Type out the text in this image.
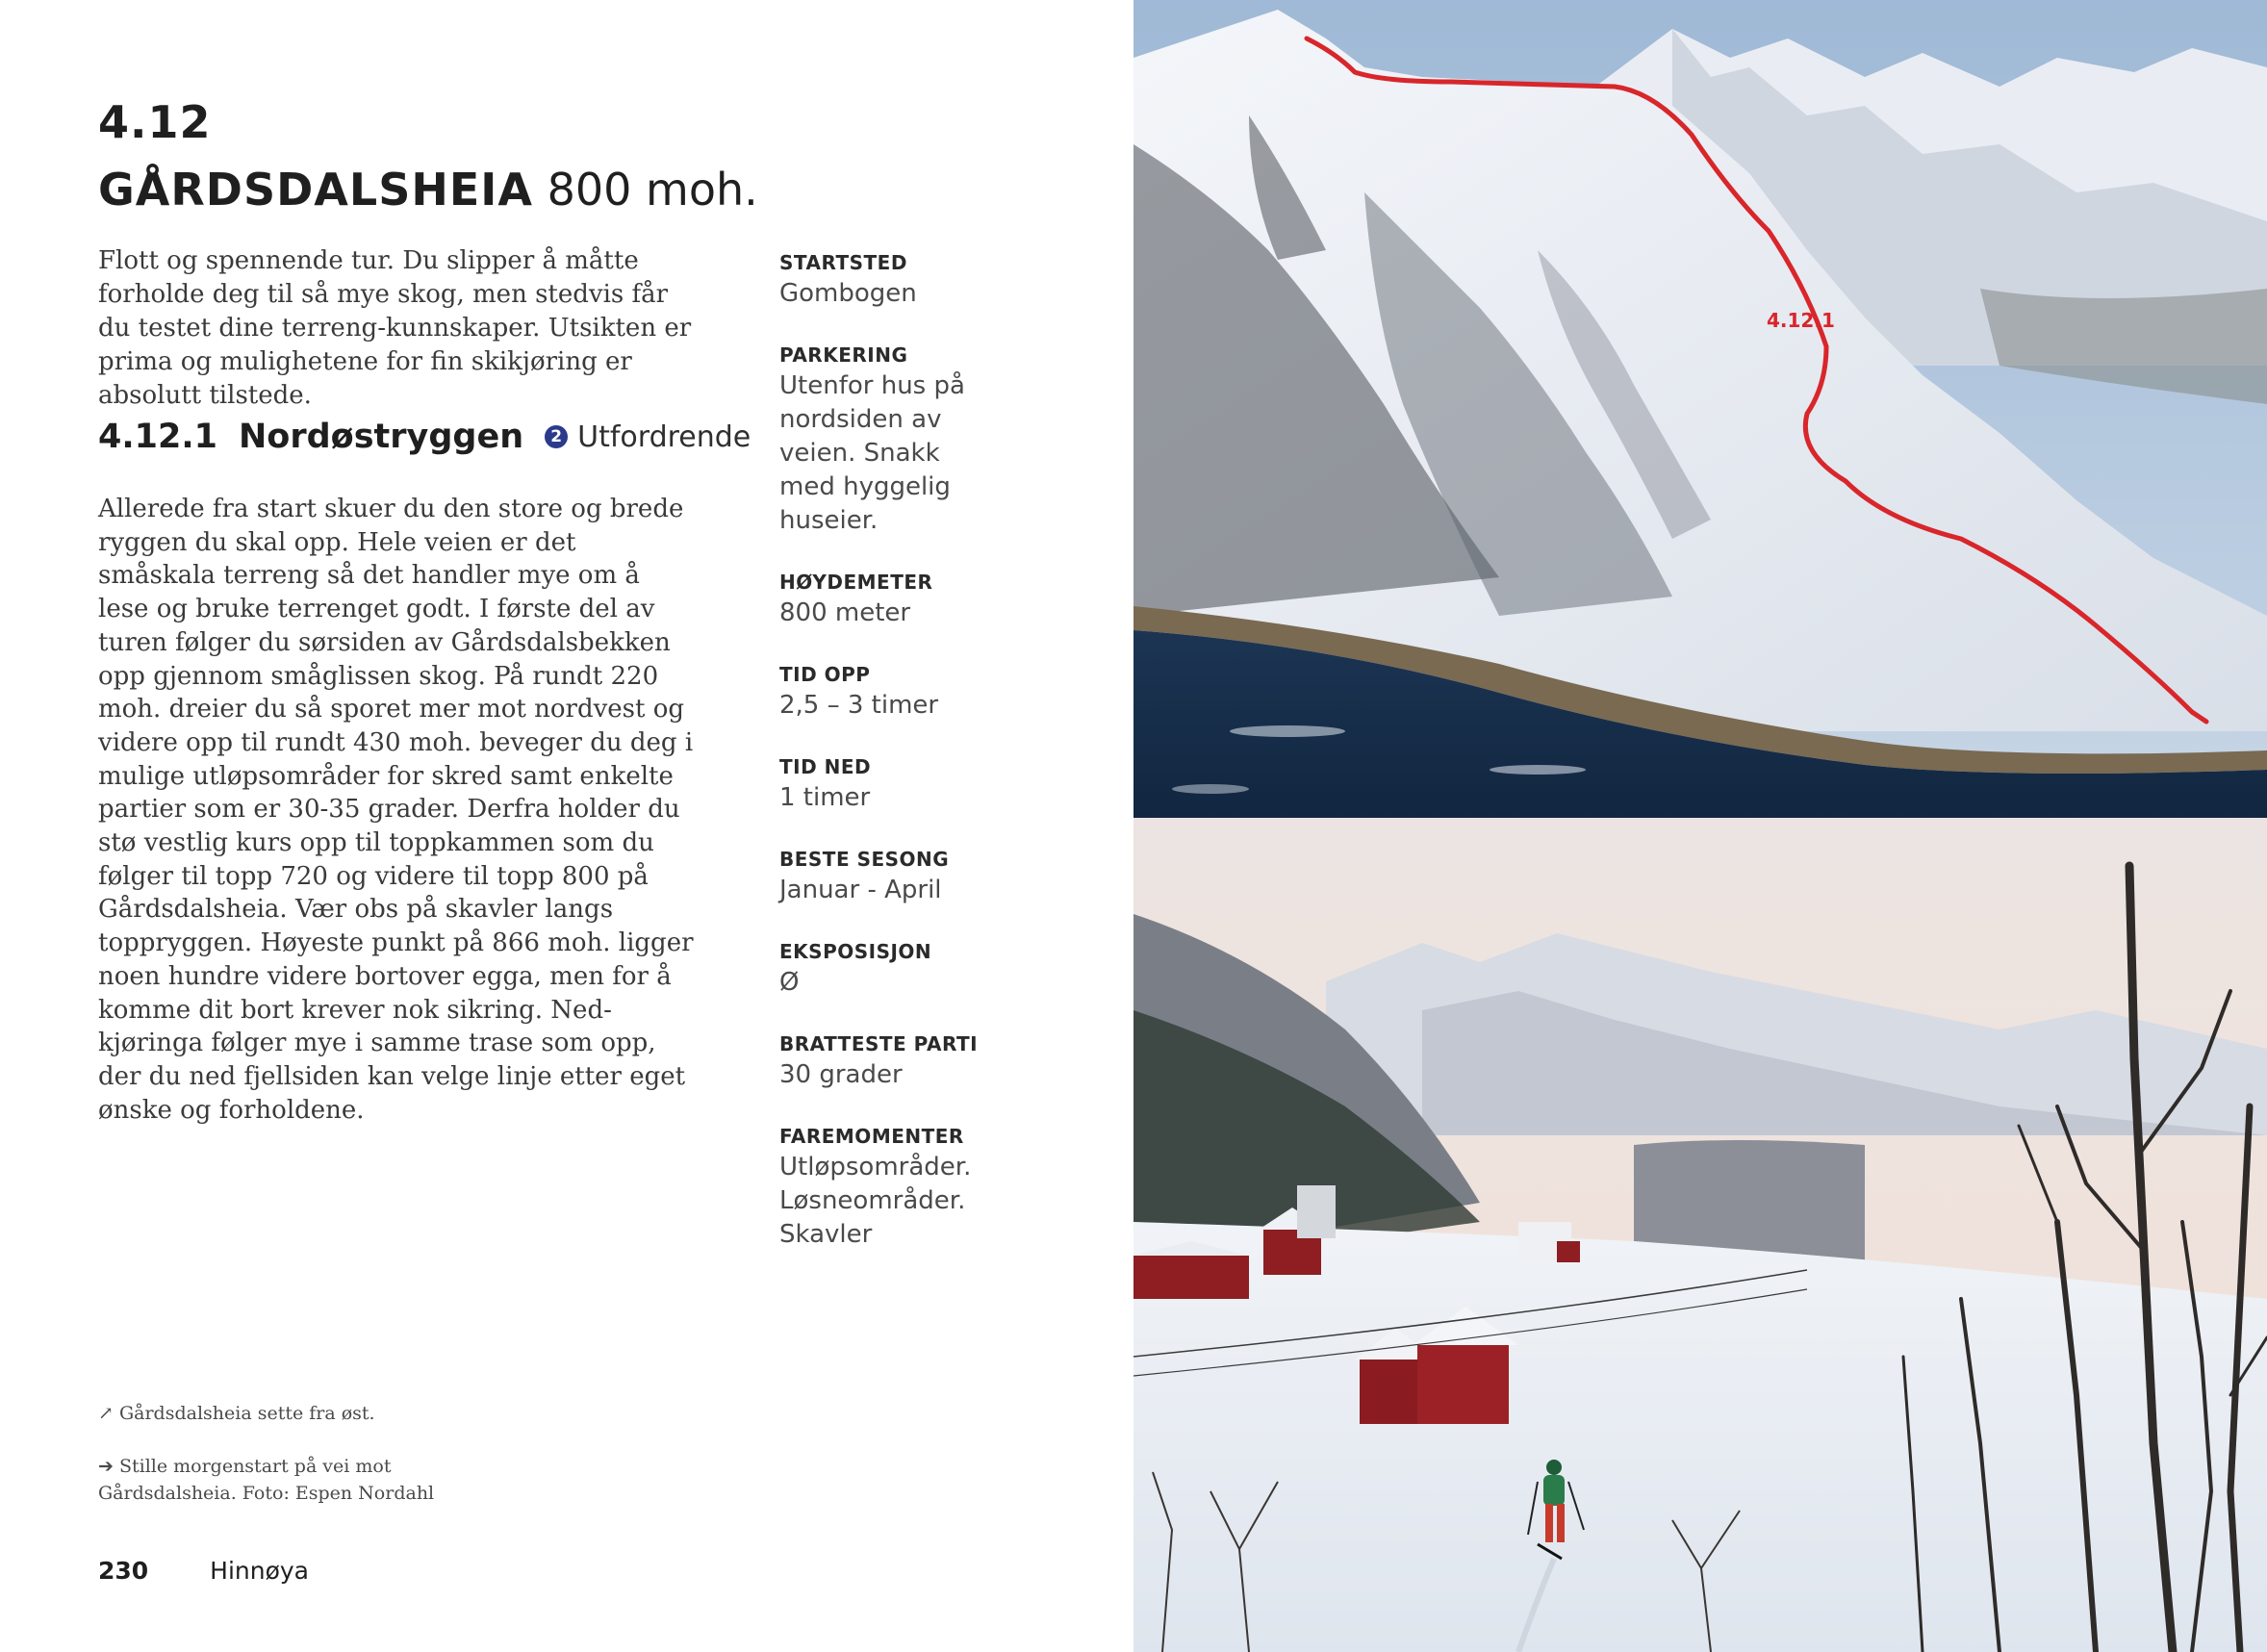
4.12
GÅRDSDALSHEIA 800 moh.
Flott og spennende tur. Du slipper å måtte forholde deg til så mye skog, men stedvis får du testet dine terreng-kunnskaper. Utsikten er prima og mulighetene for fin skikjøring er absolutt tilstede.
4.12.1 Nordøstryggen	2 Utfordrende
Allerede fra start skuer du den store og brede ryggen du skal opp. Hele veien er det småskala terreng så det handler mye om å lese og bruke terrenget godt. I første del av turen følger du sørsiden av Gårdsdalsbekken opp gjennom småglissen skog. På rundt 220 moh. dreier du så sporet mer mot nordvest og videre opp til rundt 430 moh. beveger du deg i mulige utløpsområder for skred samt enkelte partier som er 30-35 grader. Derfra holder du stø vestlig kurs opp til toppkammen som du følger til topp 720 og videre til topp 800 på Gårdsdalsheia. Vær obs på skavler langs toppryggen. Høyeste punkt på 866 moh. ligger noen hundre videre bortover egga, men for å komme dit bort krever nok sikring. Ned-kjøringa følger mye i samme trase som opp, der du ned fjellsiden kan velge linje etter eget ønske og forholdene.
STARTSTED
Gombogen
PARKERING
Utenfor hus på nordsiden av veien. Snakk med hyggelig huseier.
HØYDEMETER
800 meter
TID OPP
2,5 – 3 timer
TID NED
1 timer
BESTE SESONG
Januar - April
EKSPOSISJON
Ø
BRATTESTE PARTI
30 grader
FAREMOMENTER
Utløpsområder. Løsneområder. Skavler
↗ Gårdsdalsheia sette fra øst.
➔ Stille morgenstart på vei mot Gårdsdalsheia. Foto: Espen Nordahl
230	Hinnøya
4.12.1
